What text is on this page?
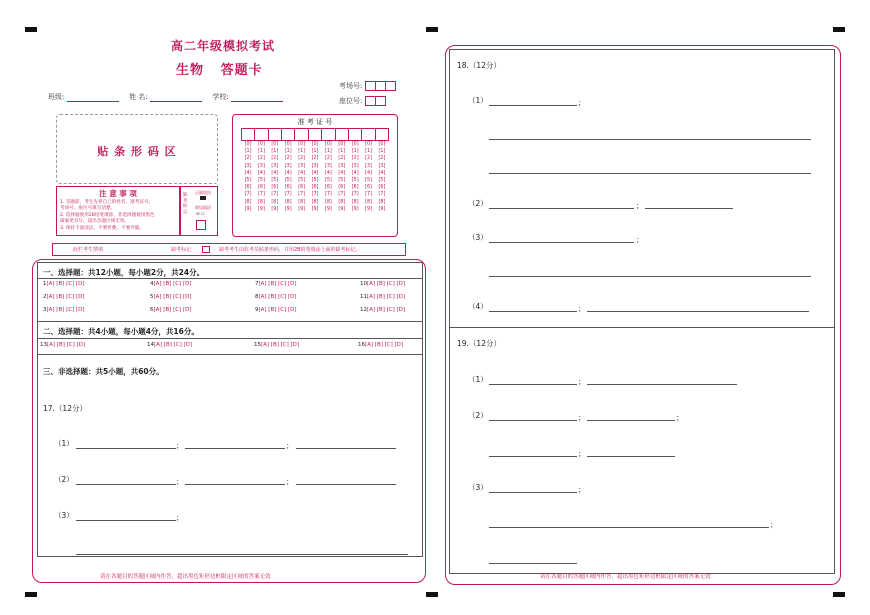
高二年级模拟考试
生物   答题卡
考场号:
座位号:
班级:	姓 名:	学校:
贴 条 形 码 区
准 考 证 号

[0]	[0]	[0]	[0]	[0]	[0]	[0]	[0]	[0]	[0]	[0]
[1]	[1]	[1]	[1]	[1]	[1]	[1]	[1]	[1]	[1]	[1]
[2]	[2]	[2]	[2]	[2]	[2]	[2]	[2]	[2]	[2]	[2]
[3]	[3]	[3]	[3]	[3]	[3]	[3]	[3]	[3]	[3]	[3]
[4]	[4]	[4]	[4]	[4]	[4]	[4]	[4]	[4]	[4]	[4]
[5]	[5]	[5]	[5]	[5]	[5]	[5]	[5]	[5]	[5]	[5]
[6]	[6]	[6]	[6]	[6]	[6]	[6]	[6]	[6]	[6]	[6]
[7]	[7]	[7]	[7]	[7]	[7]	[7]	[7]	[7]	[7]	[7]
[8]	[8]	[8]	[8]	[8]	[8]	[8]	[8]	[8]	[8]	[8]
[9]	[9]	[9]	[9]	[9]	[9]	[9]	[9]	[9]	[9]	[9]
注 意 事 项
1. 答题前，考生先将自己的姓名、准考证号、
考场号、座位号填写清楚。
2. 选择题使用2B铅笔填涂，非选择题使用黑色
碳素笔书写，超出答题区域无效。
3. 保持卡面清洁，不要折叠、不要弄破。
缺考标记
正确填涂
错误填涂
☒ ☐
此栏考生禁填	缺考标记	缺考考生由监考员贴条形码，并用2B铅笔填涂上面的缺考标记。
一、选择题：共12小题，每小题2分，共24分。
1[A] [B] [C] [D]	4[A] [B] [C] [D]	7[A] [B] [C] [D]	10[A] [B] [C] [D]
2[A] [B] [C] [D]	5[A] [B] [C] [D]	8[A] [B] [C] [D]	11[A] [B] [C] [D]
3[A] [B] [C] [D]	6[A] [B] [C] [D]	9[A] [B] [C] [D]	12[A] [B] [C] [D]
二、选择题：共4小题，每小题4分，共16分。
13[A] [B] [C] [D]	14[A] [B] [C] [D]	15[A] [B] [C] [D]	16[A] [B] [C] [D]
三、非选择题：共5小题，共60分。
17.（12分）
（1）	；	；
（2）	；	；
（3）	；
请在各题目的答题区域内作答，超出黑色矩形边框限定区域的答案无效
18.（12分）
（1）	；
（2）	；
（3）	；
（4）	；
19.（12分）
（1）	；
（2）	；	；
；
（3）	；
；
请在各题目的答题区域内作答，超出黑色矩形边框限定区域的答案无效
